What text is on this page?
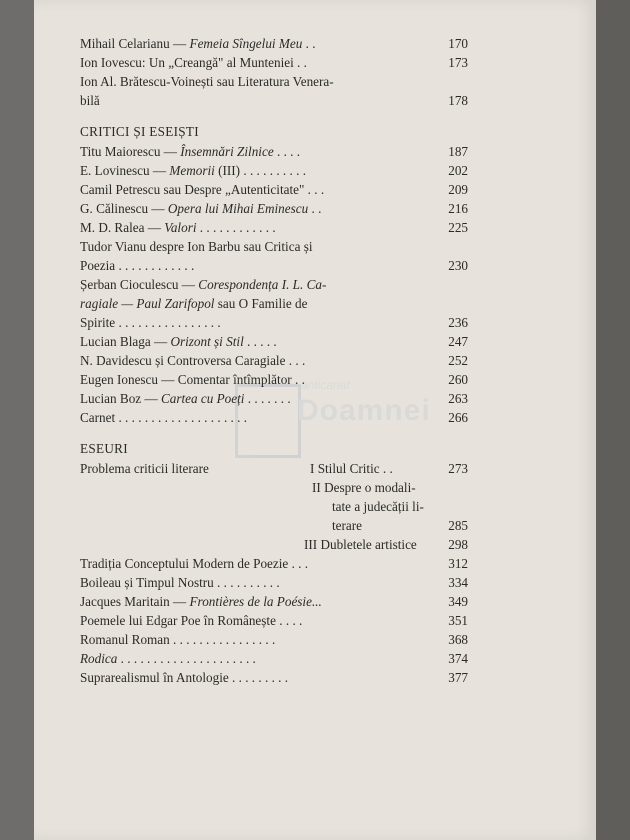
anticariat
Doamnei
Mihail Celarianu — Femeia Sîngelui Meu . .	170
Ion Iovescu: Un „Creangă" al Munteniei . .	173
Ion Al. Brătescu-Voinești sau Literatura Venera-
bilă	178
CRITICI ȘI ESEIȘTI
Titu Maiorescu — Însemnări Zilnice . . . .	187
E. Lovinescu — Memorii (III) . . . . . . . . . .	202
Camil Petrescu sau Despre „Autenticitate" . . .	209
G. Călinescu — Opera lui Mihai Eminescu . .	216
M. D. Ralea — Valori . . . . . . . . . . . .	225
Tudor Vianu despre Ion Barbu sau Critica și
Poezia . . . . . . . . . . . .	230
Șerban Cioculescu — Corespondența I. L. Ca-
ragiale — Paul Zarifopol sau O Familie de
Spirite . . . . . . . . . . . . . . . .	236
Lucian Blaga — Orizont și Stil . . . . .	247
N. Davidescu și Controversa Caragiale . . .	252
Eugen Ionescu — Comentar întîmplător . .	260
Lucian Boz — Cartea cu Poeți . . . . . . .	263
Carnet . . . . . . . . . . . . . . . . . . . .	266
ESEURI
Problema criticii literare	I Stilul Critic . .	273
II Despre o modali-
tate a judecății li-
terare	285
III Dubletele artistice 298
Tradiția Conceptului Modern de Poezie . . .	312
Boileau și Timpul Nostru . . . . . . . . . .	334
Jacques Maritain — Frontières de la Poésie...	349
Poemele lui Edgar Poe în Românește . . . .	351
Romanul Roman . . . . . . . . . . . . . . . .	368
Rodica . . . . . . . . . . . . . . . . . . . . .	374
Suprarealismul în Antologie . . . . . . . . .	377
